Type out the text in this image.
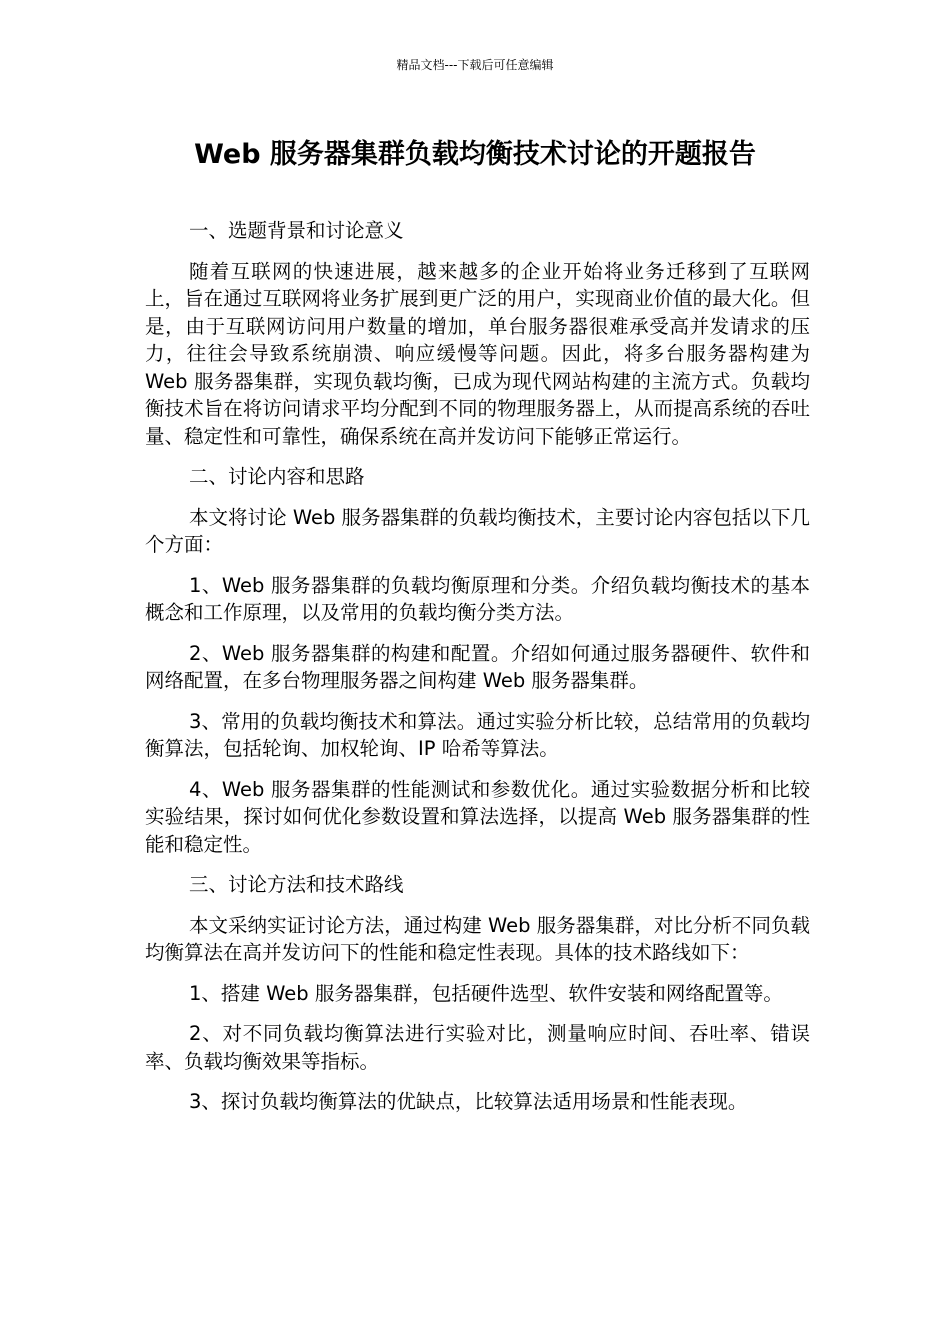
精品文档---下载后可任意编辑
Web 服务器集群负载均衡技术讨论的开题报告

一、选题背景和讨论意义

随着互联网的快速进展，越来越多的企业开始将业务迁移到了互联网上，旨在通过互联网将业务扩展到更广泛的用户，实现商业价值的最大化。但是，由于互联网访问用户数量的增加，单台服务器很难承受高并发请求的压力，往往会导致系统崩溃、响应缓慢等问题。因此，将多台服务器构建为 Web 服务器集群，实现负载均衡，已成为现代网站构建的主流方式。负载均衡技术旨在将访问请求平均分配到不同的物理服务器上，从而提高系统的吞吐量、稳定性和可靠性，确保系统在高并发访问下能够正常运行。

二、讨论内容和思路

本文将讨论 Web 服务器集群的负载均衡技术，主要讨论内容包括以下几个方面：

1、Web 服务器集群的负载均衡原理和分类。介绍负载均衡技术的基本概念和工作原理，以及常用的负载均衡分类方法。

2、Web 服务器集群的构建和配置。介绍如何通过服务器硬件、软件和网络配置，在多台物理服务器之间构建 Web 服务器集群。

3、常用的负载均衡技术和算法。通过实验分析比较，总结常用的负载均衡算法，包括轮询、加权轮询、IP 哈希等算法。

4、Web 服务器集群的性能测试和参数优化。通过实验数据分析和比较实验结果，探讨如何优化参数设置和算法选择，以提高 Web 服务器集群的性能和稳定性。

三、讨论方法和技术路线

本文采纳实证讨论方法，通过构建 Web 服务器集群，对比分析不同负载均衡算法在高并发访问下的性能和稳定性表现。具体的技术路线如下：

1、搭建 Web 服务器集群，包括硬件选型、软件安装和网络配置等。

2、对不同负载均衡算法进行实验对比，测量响应时间、吞吐率、错误率、负载均衡效果等指标。

3、探讨负载均衡算法的优缺点，比较算法适用场景和性能表现。
